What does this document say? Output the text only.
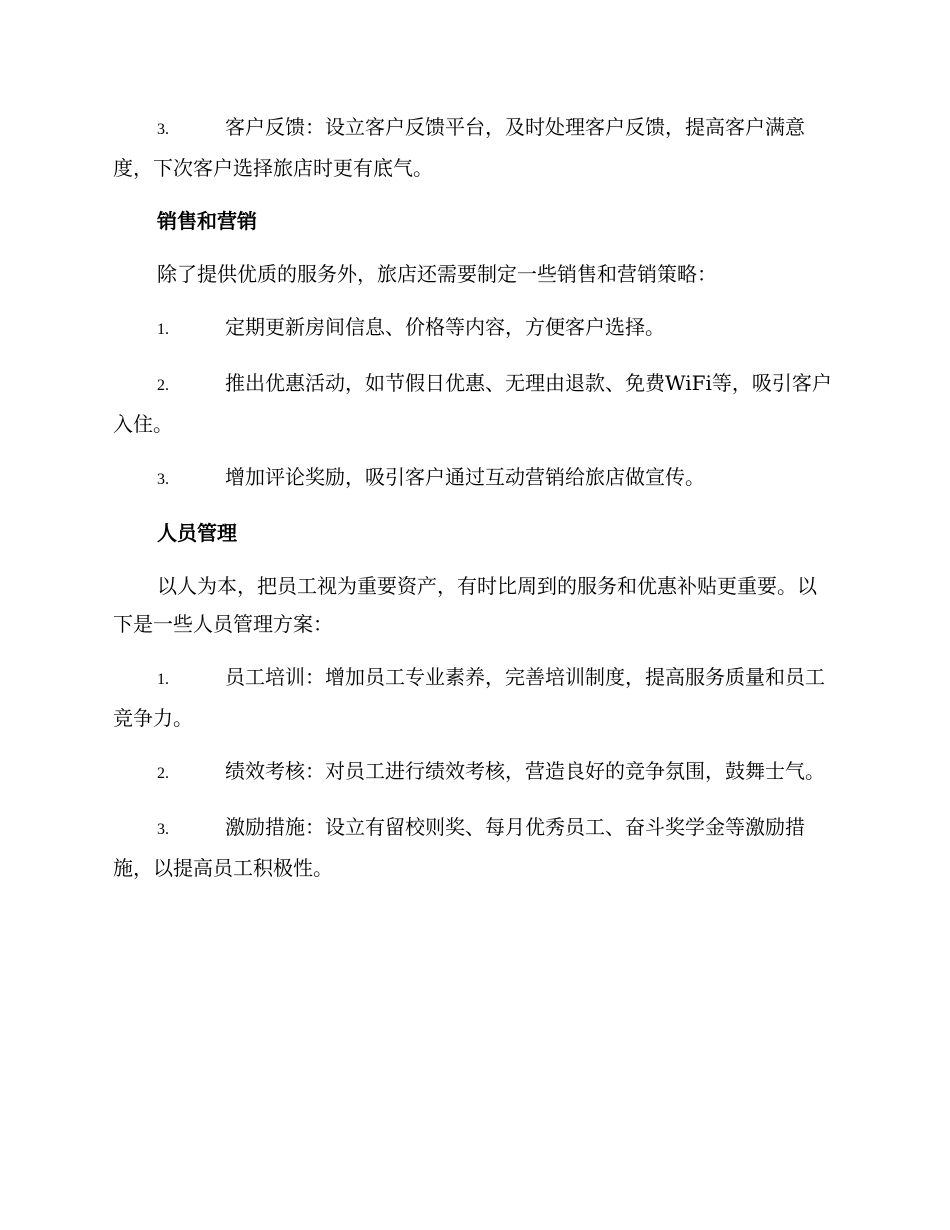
3.	客户反馈：设立客户反馈平台，及时处理客户反馈，提高客户满意度，下次客户选择旅店时更有底气。
销售和营销
除了提供优质的服务外，旅店还需要制定一些销售和营销策略：
1.	定期更新房间信息、价格等内容，方便客户选择。
2.	推出优惠活动，如节假日优惠、无理由退款、免费WiFi等，吸引客户入住。
3.	增加评论奖励，吸引客户通过互动营销给旅店做宣传。
人员管理
以人为本，把员工视为重要资产，有时比周到的服务和优惠补贴更重要。以下是一些人员管理方案：
1.	员工培训：增加员工专业素养，完善培训制度，提高服务质量和员工竞争力。
2.	绩效考核：对员工进行绩效考核，营造良好的竞争氛围，鼓舞士气。
3.	激励措施：设立有留校则奖、每月优秀员工、奋斗奖学金等激励措施，以提高员工积极性。
